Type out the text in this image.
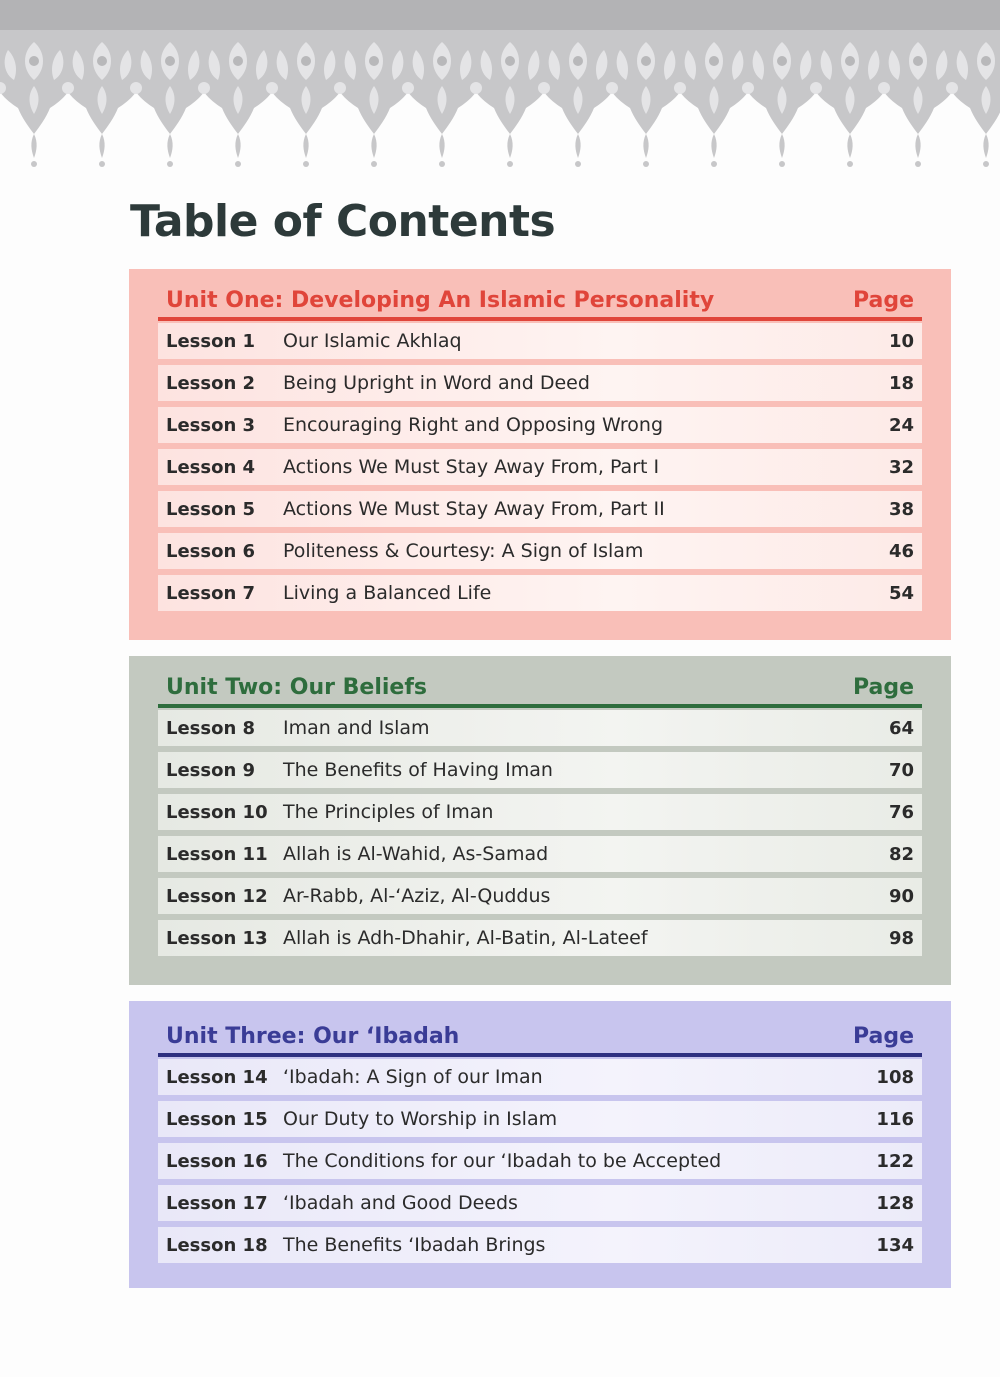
Table of Contents
Unit One: Developing An Islamic Personality	Page
Lesson 1	Our Islamic Akhlaq	10
Lesson 2	Being Upright in Word and Deed	18
Lesson 3	Encouraging Right and Opposing Wrong	24
Lesson 4	Actions We Must Stay Away From, Part I	32
Lesson 5	Actions We Must Stay Away From, Part II	38
Lesson 6	Politeness & Courtesy: A Sign of Islam	46
Lesson 7	Living a Balanced Life	54
Unit Two: Our Beliefs	Page
Lesson 8	Iman and Islam	64
Lesson 9	The Benefits of Having Iman	70
Lesson 10 The Principles of Iman	76
Lesson 11 Allah is Al-Wahid, As-Samad	82
Lesson 12 Ar-Rabb, Al-‘Aziz, Al-Quddus	90
Lesson 13 Allah is Adh-Dhahir, Al-Batin, Al-Lateef	98
Unit Three: Our ‘Ibadah	Page
Lesson 14 ‘Ibadah: A Sign of our Iman	108
Lesson 15 Our Duty to Worship in Islam	116
Lesson 16 The Conditions for our ‘Ibadah to be Accepted	122
Lesson 17 ‘Ibadah and Good Deeds	128
Lesson 18 The Benefits ‘Ibadah Brings	134
